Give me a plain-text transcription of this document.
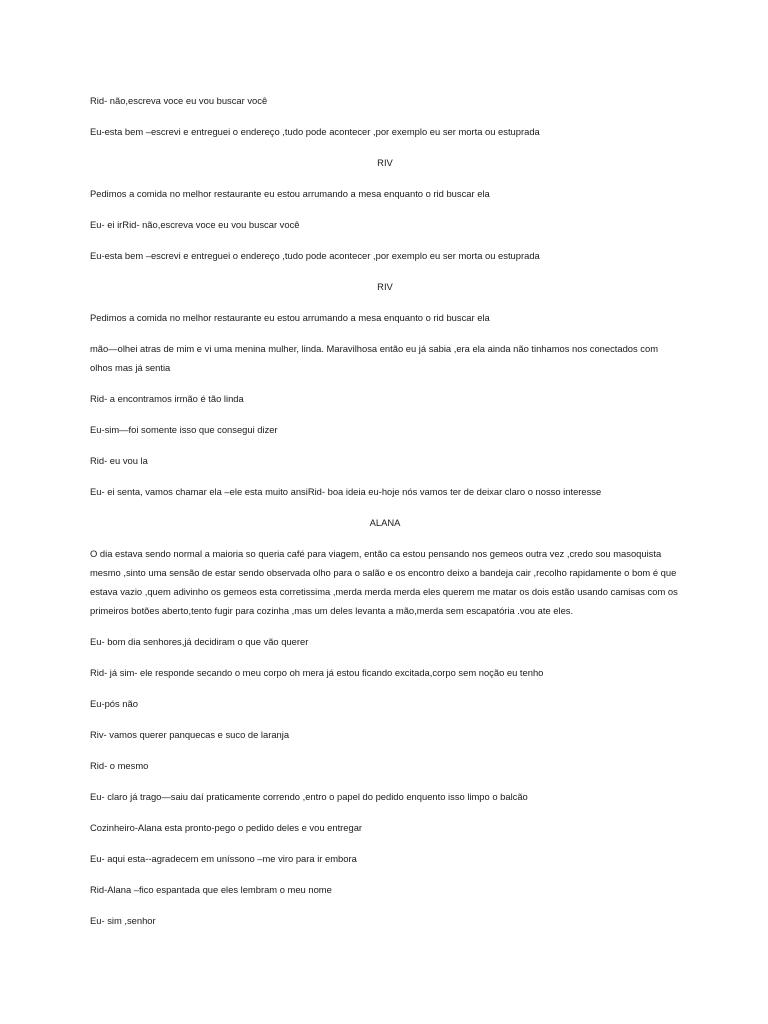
Rid- não,escreva voce eu vou buscar você

Eu-esta bem –escrevi e entreguei o endereço ,tudo pode acontecer ,por exemplo eu ser morta ou estuprada

RIV

Pedimos a comida no melhor restaurante eu estou arrumando a mesa enquanto o rid buscar ela

Eu- ei irRid- não,escreva voce eu vou buscar você

Eu-esta bem –escrevi e entreguei o endereço ,tudo pode acontecer ,por exemplo eu ser morta ou estuprada

RIV

Pedimos a comida no melhor restaurante eu estou arrumando a mesa enquanto o rid buscar ela

mão—olhei atras de mim e vi uma menina mulher, linda. Maravilhosa então eu já sabia ,era ela ainda não tinhamos nos conectados com olhos mas já sentia

Rid- a encontramos irmão é tão linda

Eu-sim—foi somente isso que consegui dizer

Rid- eu vou la

Eu- ei senta, vamos chamar ela –ele esta muito ansiRid- boa ideia eu-hoje nós vamos ter de deixar claro o nosso interesse

ALANA

O dia estava sendo normal a maioria so queria café para viagem, então ca estou pensando nos gemeos outra vez ,credo sou masoquista mesmo ,sinto uma sensão de estar sendo observada olho para o salão e os encontro deixo a bandeja cair ,recolho rapidamente o bom é que estava vazio ,quem adivinho os gemeos esta corretissima ,merda merda merda eles querem me matar os dois estão usando camisas com os primeiros botões aberto,tento fugir para cozinha ,mas um deles levanta a mão,merda sem escapatória .vou ate eles.

Eu- bom dia senhores,já decidiram o que vão querer

Rid- já sim- ele responde secando o meu corpo oh mera já estou ficando excitada,corpo sem noção eu tenho

Eu-pós não

Riv- vamos querer panquecas e suco de laranja

Rid- o mesmo

Eu- claro já trago—saiu daí praticamente correndo ,entro o papel do pedido enquento isso limpo o balcão

Cozinheiro-Alana esta pronto-pego o pedido deles e vou entregar

Eu- aqui esta--agradecem em uníssono –me viro para ir embora

Rid-Alana –fico espantada que eles lembram o meu nome

Eu- sim ,senhor
